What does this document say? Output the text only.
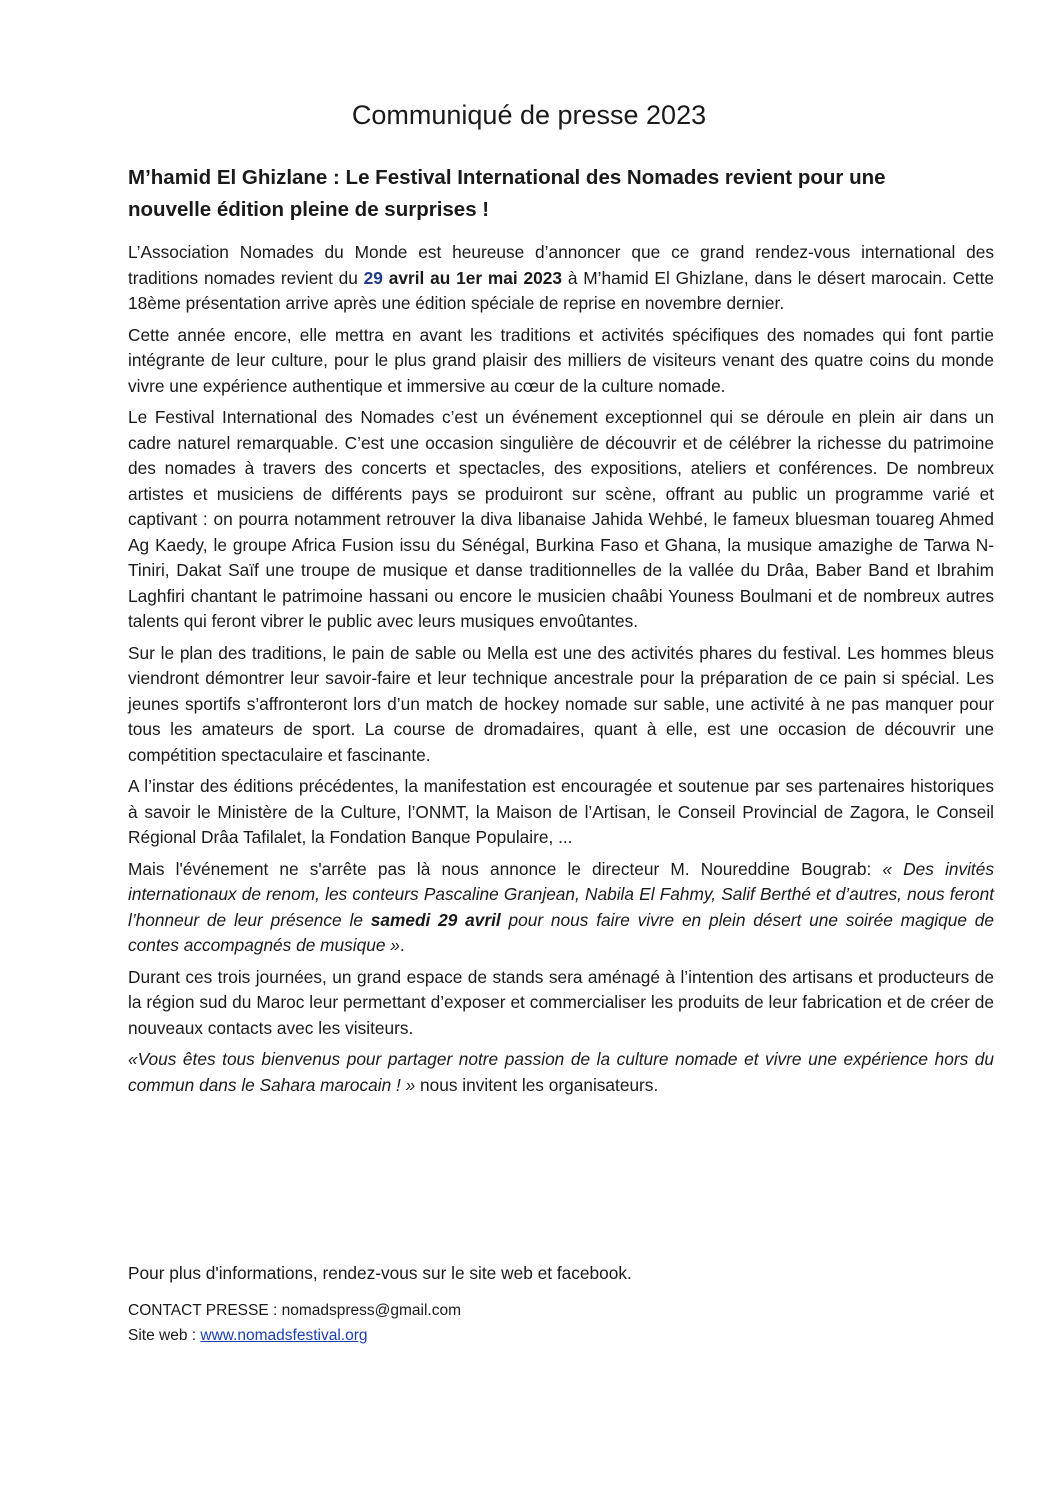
Communiqué de presse 2023
M’hamid El Ghizlane : Le Festival International des Nomades revient pour une nouvelle édition pleine de surprises !

L’Association Nomades du Monde est heureuse d’annoncer que ce grand rendez-vous international des traditions nomades revient du 29 avril au 1er mai 2023 à M’hamid El Ghizlane, dans le désert marocain. Cette 18ème présentation arrive après une édition spéciale de reprise en novembre dernier.

Cette année encore, elle mettra en avant les traditions et activités spécifiques des nomades qui font partie intégrante de leur culture, pour le plus grand plaisir des milliers de visiteurs venant des quatre coins du monde vivre une expérience authentique et immersive au cœur de la culture nomade.

Le Festival International des Nomades c’est un événement exceptionnel qui se déroule en plein air dans un cadre naturel remarquable. C’est une occasion singulière de découvrir et de célébrer la richesse du patrimoine des nomades à travers des concerts et spectacles, des expositions, ateliers et conférences. De nombreux artistes et musiciens de différents pays se produiront sur scène, offrant au public un programme varié et captivant : on pourra notamment retrouver la diva libanaise Jahida Wehbé, le fameux bluesman touareg Ahmed Ag Kaedy, le groupe Africa Fusion issu du Sénégal, Burkina Faso et Ghana, la musique amazighe de Tarwa N-Tiniri, Dakat Saïf une troupe de musique et danse traditionnelles de la vallée du Drâa, Baber Band et Ibrahim Laghfiri chantant le patrimoine hassani ou encore le musicien chaâbi Youness Boulmani et de nombreux autres talents qui feront vibrer le public avec leurs musiques envoûtantes.

Sur le plan des traditions, le pain de sable ou Mella est une des activités phares du festival. Les hommes bleus viendront démontrer leur savoir-faire et leur technique ancestrale pour la préparation de ce pain si spécial. Les jeunes sportifs s’affronteront lors d’un match de hockey nomade sur sable, une activité à ne pas manquer pour tous les amateurs de sport. La course de dromadaires, quant à elle, est une occasion de découvrir une compétition spectaculaire et fascinante.

A l’instar des éditions précédentes, la manifestation est encouragée et soutenue par ses partenaires historiques à savoir le Ministère de la Culture, l’ONMT, la Maison de l’Artisan, le Conseil Provincial de Zagora, le Conseil Régional Drâa Tafilalet, la Fondation Banque Populaire, ...

Mais l'événement ne s'arrête pas là nous annonce le directeur M. Noureddine Bougrab: « Des invités internationaux de renom, les conteurs Pascaline Granjean, Nabila El Fahmy, Salif Berthé et d’autres, nous feront l’honneur de leur présence le samedi 29 avril pour nous faire vivre en plein désert une soirée magique de contes accompagnés de musique ».

Durant ces trois journées, un grand espace de stands sera aménagé à l’intention des artisans et producteurs de la région sud du Maroc leur permettant d’exposer et commercialiser les produits de leur fabrication et de créer de nouveaux contacts avec les visiteurs.

«Vous êtes tous bienvenus pour partager notre passion de la culture nomade et vivre une expérience hors du commun dans le Sahara marocain ! » nous invitent les organisateurs.

Pour plus d'informations, rendez-vous sur le site web et facebook.

CONTACT PRESSE : nomadspress@gmail.com

Site web : www.nomadsfestival.org
